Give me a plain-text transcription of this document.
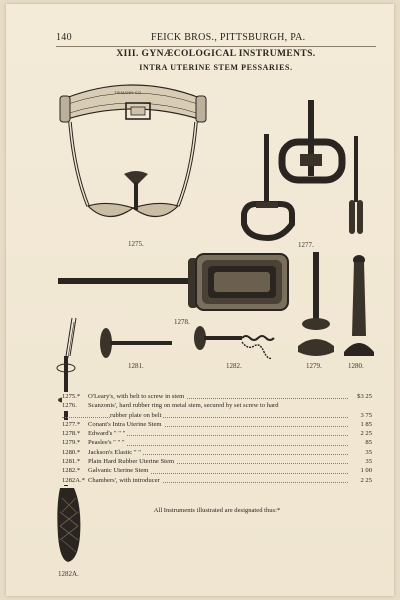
140	FEICK BROS., PITTSBURGH, PA.
XIII. GYNÆCOLOGICAL INSTRUMENTS.
INTRA UTERINE STEM PESSARIES.
TIEMANN-CO
1275.	1277.
1278.
1281.	1282.	1279.	1280.
1282A.
1275.* O'Leary's, with belt to screw in stem	$3 25
1276. Scanzonis', hard rubber ring on metal stem, secured by set screw to hard
rubber plate on belt	3 75
1277.* Conant's Intra Uterine Stem	1 85
1278.* Edward's " " "	2 25
1279.* Peaslee's " " "	85
1280.* Jackson's Elastic " "	35
1281.* Plain Hard Rubber Uterine Stem	35
1282.* Galvanic Uterine Stem	1 00
1282A.* Chambers', with introducer	2 25
All Instruments illustrated are designated thus:*
